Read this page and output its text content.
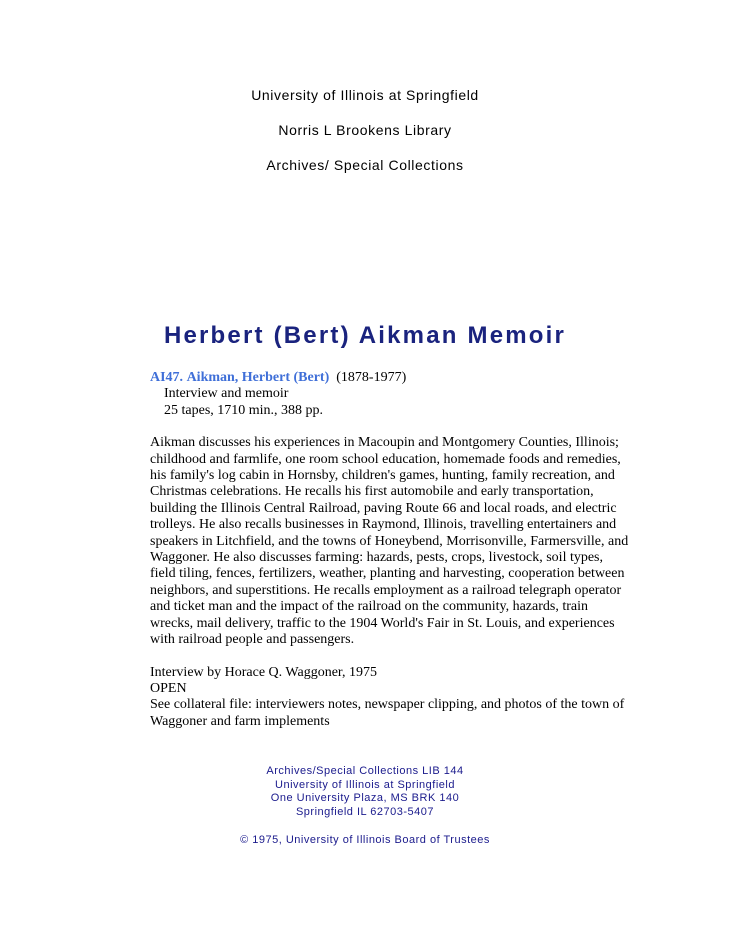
University of Illinois at Springfield

Norris L Brookens Library

Archives/ Special Collections

Herbert (Bert) Aikman Memoir

AI47. Aikman, Herbert (Bert) (1878-1977)

Interview and memoir

25 tapes, 1710 min., 388 pp.

Aikman discusses his experiences in Macoupin and Montgomery Counties, Illinois; childhood and farmlife, one room school education, homemade foods and remedies, his family's log cabin in Hornsby, children's games, hunting, family recreation, and Christmas celebrations. He recalls his first automobile and early transportation, building the Illinois Central Railroad, paving Route 66 and local roads, and electric trolleys. He also recalls businesses in Raymond, Illinois, travelling entertainers and speakers in Litchfield, and the towns of Honeybend, Morrisonville, Farmersville, and Waggoner. He also discusses farming: hazards, pests, crops, livestock, soil types, field tiling, fences, fertilizers, weather, planting and harvesting, cooperation between neighbors, and superstitions. He recalls employment as a railroad telegraph operator and ticket man and the impact of the railroad on the community, hazards, train wrecks, mail delivery, traffic to the 1904 World's Fair in St. Louis, and experiences with railroad people and passengers.

Interview by Horace Q. Waggoner, 1975

OPEN

See collateral file: interviewers notes, newspaper clipping, and photos of the town of Waggoner and farm implements

Archives/Special Collections LIB 144

University of Illinois at Springfield

One University Plaza, MS BRK 140

Springfield IL 62703-5407

© 1975, University of Illinois Board of Trustees
